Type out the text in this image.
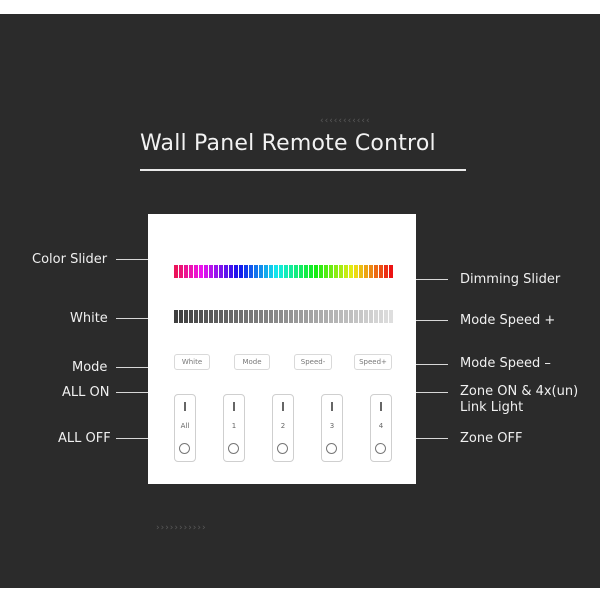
‹‹‹‹‹‹‹‹‹‹‹
Wall Panel Remote Control
White	Mode	Speed-	Speed+
All	1	2	3	4
Color Slider
White
Mode
ALL ON
ALL OFF
Dimming Slider
Mode Speed +
Mode Speed –
Zone ON & 4x(un)
Link Light
Zone OFF
›››››››››››
